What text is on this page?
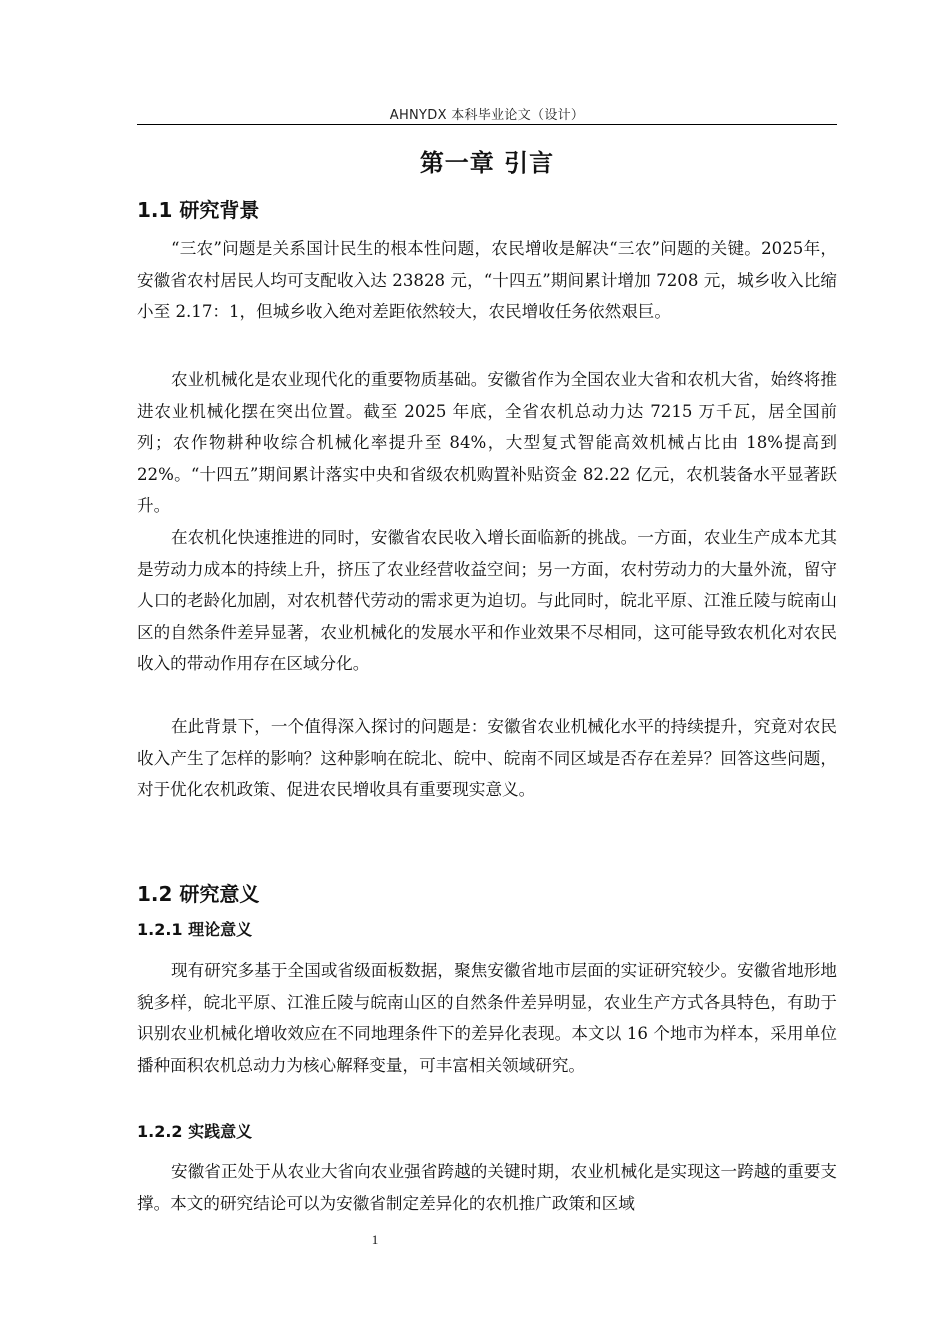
AHNYDX 本科毕业论文（设计）
第一章 引言
1.1 研究背景

“三农”问题是关系国计民生的根本性问题，农民增收是解决“三农”问题的关键。2025年，安徽省农村居民人均可支配收入达 23828 元，“十四五”期间累计增加 7208 元，城乡收入比缩小至 2.17：1，但城乡收入绝对差距依然较大，农民增收任务依然艰巨。

农业机械化是农业现代化的重要物质基础。安徽省作为全国农业大省和农机大省，始终将推进农业机械化摆在突出位置。截至 2025 年底，全省农机总动力达 7215 万千瓦，居全国前列；农作物耕种收综合机械化率提升至 84%，大型复式智能高效机械占比由 18%提高到 22%。“十四五”期间累计落实中央和省级农机购置补贴资金 82.22 亿元，农机装备水平显著跃升。

在农机化快速推进的同时，安徽省农民收入增长面临新的挑战。一方面，农业生产成本尤其是劳动力成本的持续上升，挤压了农业经营收益空间；另一方面，农村劳动力的大量外流，留守人口的老龄化加剧，对农机替代劳动的需求更为迫切。与此同时，皖北平原、江淮丘陵与皖南山区的自然条件差异显著，农业机械化的发展水平和作业效果不尽相同，这可能导致农机化对农民收入的带动作用存在区域分化。

在此背景下，一个值得深入探讨的问题是：安徽省农业机械化水平的持续提升，究竟对农民收入产生了怎样的影响？这种影响在皖北、皖中、皖南不同区域是否存在差异？回答这些问题，对于优化农机政策、促进农民增收具有重要现实意义。

1.2 研究意义
1.2.1 理论意义

现有研究多基于全国或省级面板数据，聚焦安徽省地市层面的实证研究较少。安徽省地形地貌多样，皖北平原、江淮丘陵与皖南山区的自然条件差异明显，农业生产方式各具特色，有助于识别农业机械化增收效应在不同地理条件下的差异化表现。本文以 16 个地市为样本，采用单位播种面积农机总动力为核心解释变量，可丰富相关领域研究。

1.2.2 实践意义

安徽省正处于从农业大省向农业强省跨越的关键时期，农业机械化是实现这一跨越的重要支撑。本文的研究结论可以为安徽省制定差异化的农机推广政策和区域

1
